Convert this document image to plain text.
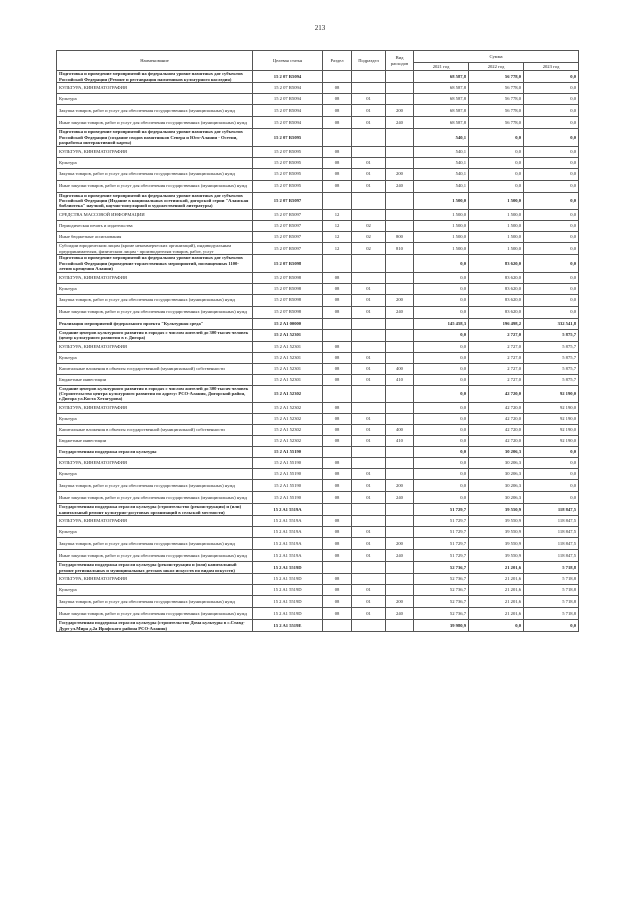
213
Наименование	Целевая статья	Раздел	Подраздел	Вид расходов	Сумма		
					2021 год	2022 год	2023 год
Подготовка и проведение мероприятий на федеральном уровне памятных дат субъектов Российской Федерации (Ремонт и реставрация памятников культурного наследия)	15 2 07 R5094				68 587,8	56 778,0	0,0
КУЛЬТУРА, КИНЕМАТОГРАФИЯ	15 2 07 R5094	08			68 587,8	56 778,0	0,0
Культура	15 2 07 R5094	08	01		68 587,8	56 778,0	0,0
Закупка товаров, работ и услуг для обеспечения государственных (муниципальных) нужд	15 2 07 R5094	08	01	200	68 587,8	56 778,0	0,0
Иные закупки товаров, работ и услуг для обеспечения государственных (муниципальных) нужд	15 2 07 R5094	08	01	240	68 587,8	56 778,0	0,0
Подготовка и проведение мероприятий на федеральном уровне памятных дат субъектов Российской Федерации (создание сводов памятников Севера и Юго-Алании - Осетии, разработка интерактивной карты)	15 2 07 R5095				540,1	0,0	0,0
КУЛЬТУРА, КИНЕМАТОГРАФИЯ	15 2 07 R5095	08			540,1	0,0	0,0
Культура	15 2 07 R5095	08	01		540,1	0,0	0,0
Закупка товаров, работ и услуг для обеспечения государственных (муниципальных) нужд	15 2 07 R5095	08	01	200	540,1	0,0	0,0
Иные закупки товаров, работ и услуг для обеспечения государственных (муниципальных) нужд	15 2 07 R5095	08	01	240	540,1	0,0	0,0
Подготовка и проведение мероприятий на федеральном уровне памятных дат субъектов Российской Федерации (Издание в национальных осетинской, дигорской серии "Аланская библиотека" научной, научно-популярной и художественной литературы)	15 2 07 R5097				1 500,0	1 500,0	0,0
СРЕДСТВА МАССОВОЙ ИНФОРМАЦИИ	15 2 07 R5097	12			1 500,0	1 500,0	0,0
Периодическая печать и издательства	15 2 07 R5097	12	02		1 500,0	1 500,0	0,0
Иные бюджетные ассигнования	15 2 07 R5097	12	02	800	1 500,0	1 500,0	0,0
Субсидии юридическим лицам (кроме некоммерческих организаций), индивидуальным предпринимателям, физическим лицам - производителям товаров, работ, услуг	15 2 07 R5097	12	02	810	1 500,0	1 500,0	0,0
Подготовка и проведение мероприятий на федеральном уровне памятных дат субъектов Российской Федерации (проведение торжественных мероприятий, посвященных 1100-летию крещения Алании)	15 2 07 R5098				0,0	83 620,0	0,0
КУЛЬТУРА, КИНЕМАТОГРАФИЯ	15 2 07 R5098	08			0,0	83 620,0	0,0
Культура	15 2 07 R5098	08	01		0,0	83 620,0	0,0
Закупка товаров, работ и услуг для обеспечения государственных (муниципальных) нужд	15 2 07 R5098	08	01	200	0,0	83 620,0	0,0
Иные закупки товаров, работ и услуг для обеспечения государственных (муниципальных) нужд	15 2 07 R5098	08	01	240	0,0	83 620,0	0,0
Реализация мероприятий федерального проекта "Культурная среда"	15 2 A1 00000				145 458,3	196 498,2	332 541,8
Создание центров культурного развития в городах с числом жителей до 300 тысяч человек (центр культурного развития в г. Дигора)	15 2 A1 52301				0,0	2 727,0	5 875,7
КУЛЬТУРА, КИНЕМАТОГРАФИЯ	15 2 A1 52301	08			0,0	2 727,0	5 875,7
Культура	15 2 A1 52301	08	01		0,0	2 727,0	5 875,7
Капитальные вложения в объекты государственной (муниципальной) собственности	15 2 A1 52301	08	01	400	0,0	2 727,0	5 875,7
Бюджетные инвестиции	15 2 A1 52301	08	01	410	0,0	2 727,0	5 875,7
Создание центров культурного развития в городах с числом жителей до 300 тысяч человек (Строительство центра культурного развития по адресу: РСО-Алания, Дигорский район, г.Дигора ул.Коста Хетагурова)	15 2 A1 52302				0,0	42 720,0	92 190,0
КУЛЬТУРА, КИНЕМАТОГРАФИЯ	15 2 A1 52302	08			0,0	42 720,0	92 190,0
Культура	15 2 A1 52302	08	01		0,0	42 720,0	92 190,0
Капитальные вложения в объекты государственной (муниципальной) собственности	15 2 A1 52302	08	01	400	0,0	42 720,0	92 190,0
Бюджетные инвестиции	15 2 A1 52302	08	01	410	0,0	42 720,0	92 190,0
Государственная поддержка отрасли культуры	15 2 A1 55190				0,0	30 206,3	0,0
КУЛЬТУРА, КИНЕМАТОГРАФИЯ	15 2 A1 55190	08			0,0	30 206,3	0,0
Культура	15 2 A1 55190	08	01		0,0	30 206,3	0,0
Закупка товаров, работ и услуг для обеспечения государственных (муниципальных) нужд	15 2 A1 55190	08	01	200	0,0	30 206,3	0,0
Иные закупки товаров, работ и услуг для обеспечения государственных (муниципальных) нужд	15 2 A1 55190	08	01	240	0,0	30 206,3	0,0
Государственная поддержка отрасли культуры (строительство (реконструкция) и (или) капитальный ремонт культурно-досуговых организаций в сельской местности)	15 2 A1 5519A				51 729,7	39 550,9	118 847,5
КУЛЬТУРА, КИНЕМАТОГРАФИЯ	15 2 A1 5519A	08			51 729,7	39 550,9	118 847,5
Культура	15 2 A1 5519A	08	01		51 729,7	39 550,9	118 847,5
Закупка товаров, работ и услуг для обеспечения государственных (муниципальных) нужд	15 2 A1 5519A	08	01	200	51 729,7	39 550,9	118 847,5
Иные закупки товаров, работ и услуг для обеспечения государственных (муниципальных) нужд	15 2 A1 5519A	08	01	240	51 729,7	39 550,9	118 847,5
Государственная поддержка отрасли культуры (реконструкция и (или) капитальный ремонт региональных и муниципальных детских школ искусств по видам искусств)	15 2 A1 5519D				52 736,7	21 201,6	5 718,8
КУЛЬТУРА, КИНЕМАТОГРАФИЯ	15 2 A1 5519D	08			52 736,7	21 201,6	5 718,8
Культура	15 2 A1 5519D	08	01		52 736,7	21 201,6	5 718,8
Закупка товаров, работ и услуг для обеспечения государственных (муниципальных) нужд	15 2 A1 5519D	08	01	200	52 736,7	21 201,6	5 718,8
Иные закупки товаров, работ и услуг для обеспечения государственных (муниципальных) нужд	15 2 A1 5519D	08	01	240	52 736,7	21 201,6	5 718,8
Государственная поддержка отрасли культуры (строительство Дома культуры в с.Ставд-Дурт ул.Мира д.2а Ирафского района РСО-Алания)	15 2 A1 5519E				39 980,9	0,0	0,0
